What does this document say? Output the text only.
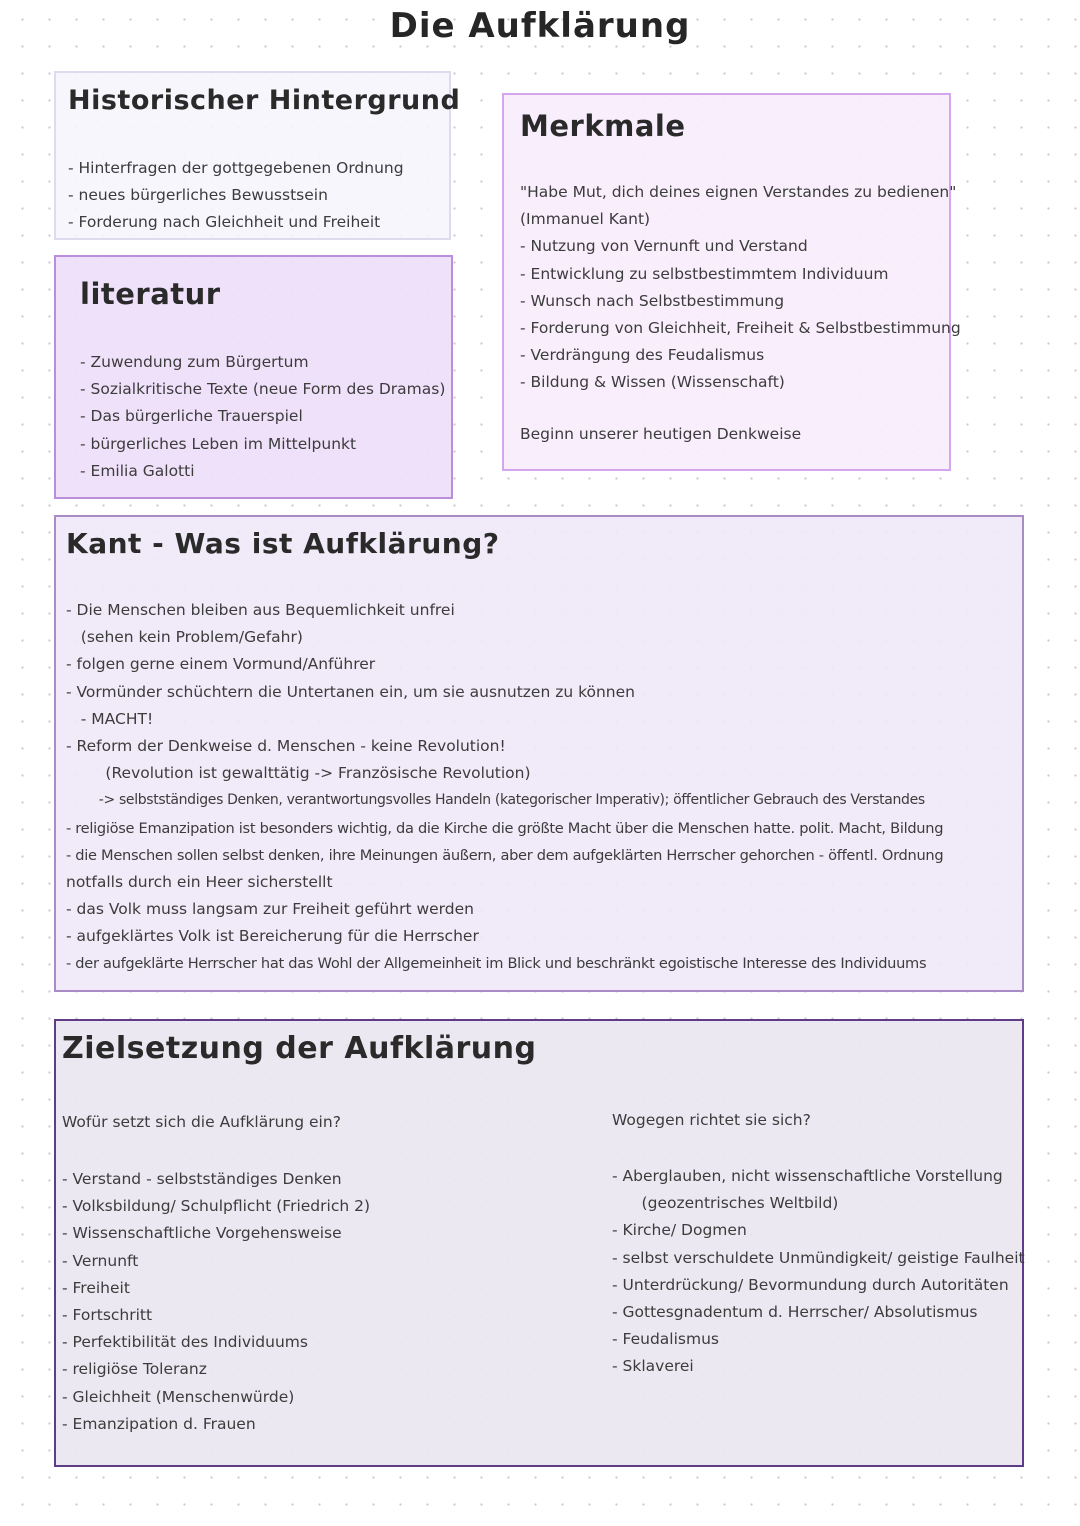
Die Aufklärung
Historischer Hintergrund
- Hinterfragen der gottgegebenen Ordnung
- neues bürgerliches Bewusstsein
- Forderung nach Gleichheit und Freiheit
literatur
- Zuwendung zum Bürgertum
- Sozialkritische Texte (neue Form des Dramas)
- Das bürgerliche Trauerspiel
- bürgerliches Leben im Mittelpunkt
- Emilia Galotti
Merkmale
"Habe Mut, dich deines eignen Verstandes zu bedienen"
(Immanuel Kant)
- Nutzung von Vernunft und Verstand
- Entwicklung zu selbstbestimmtem Individuum
- Wunsch nach Selbstbestimmung
- Forderung von Gleichheit, Freiheit & Selbstbestimmung
- Verdrängung des Feudalismus
- Bildung & Wissen (Wissenschaft)
Beginn unserer heutigen Denkweise
Kant - Was ist Aufklärung?
- Die Menschen bleiben aus Bequemlichkeit unfrei
(sehen kein Problem/Gefahr)
- folgen gerne einem Vormund/Anführer
- Vormünder schüchtern die Untertanen ein, um sie ausnutzen zu können
- MACHT!
- Reform der Denkweise d. Menschen - keine Revolution!
(Revolution ist gewalttätig -> Französische Revolution)
-> selbstständiges Denken, verantwortungsvolles Handeln (kategorischer Imperativ); öffentlicher Gebrauch des Verstandes
- religiöse Emanzipation ist besonders wichtig, da die Kirche die größte Macht über die Menschen hatte. polit. Macht, Bildung
- die Menschen sollen selbst denken, ihre Meinungen äußern, aber dem aufgeklärten Herrscher gehorchen - öffentl. Ordnung
notfalls durch ein Heer sicherstellt
- das Volk muss langsam zur Freiheit geführt werden
- aufgeklärtes Volk ist Bereicherung für die Herrscher
- der aufgeklärte Herrscher hat das Wohl der Allgemeinheit im Blick und beschränkt egoistische Interesse des Individuums
Zielsetzung der Aufklärung
Wofür setzt sich die Aufklärung ein?
- Verstand - selbstständiges Denken
- Volksbildung/ Schulpflicht (Friedrich 2)
- Wissenschaftliche Vorgehensweise
- Vernunft
- Freiheit
- Fortschritt
- Perfektibilität des Individuums
- religiöse Toleranz
- Gleichheit (Menschenwürde)
- Emanzipation d. Frauen
Wogegen richtet sie sich?
- Aberglauben, nicht wissenschaftliche Vorstellung
(geozentrisches Weltbild)
- Kirche/ Dogmen
- selbst verschuldete Unmündigkeit/ geistige Faulheit
- Unterdrückung/ Bevormundung durch Autoritäten
- Gottesgnadentum d. Herrscher/ Absolutismus
- Feudalismus
- Sklaverei
